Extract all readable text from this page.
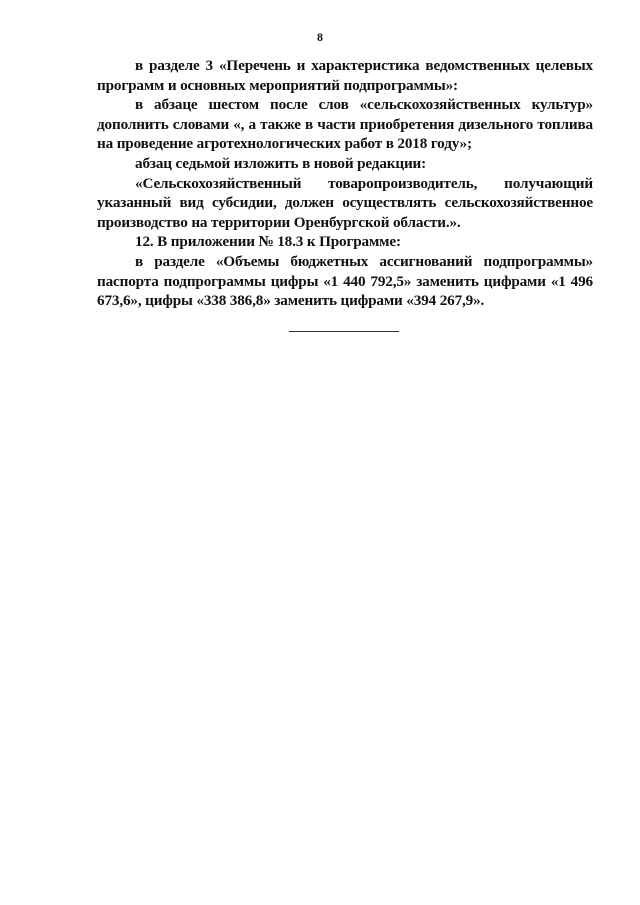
8

в разделе 3 «Перечень и характеристика ведомственных целевых программ и основных мероприятий подпрограммы»:

в абзаце шестом после слов «сельскохозяйственных культур» дополнить словами «, а также в части приобретения дизельного топлива на проведение агротехнологических работ в 2018 году»;

абзац седьмой изложить в новой редакции:

«Сельскохозяйственный товаропроизводитель, получающий указанный вид субсидии, должен осуществлять сельскохозяйственное производство на территории Оренбургской области.».

12. В приложении № 18.3 к Программе:

в разделе «Объемы бюджетных ассигнований подпрограммы» паспорта подпрограммы цифры «1 440 792,5» заменить цифрами «1 496 673,6», цифры «338 386,8» заменить цифрами «394 267,9».
